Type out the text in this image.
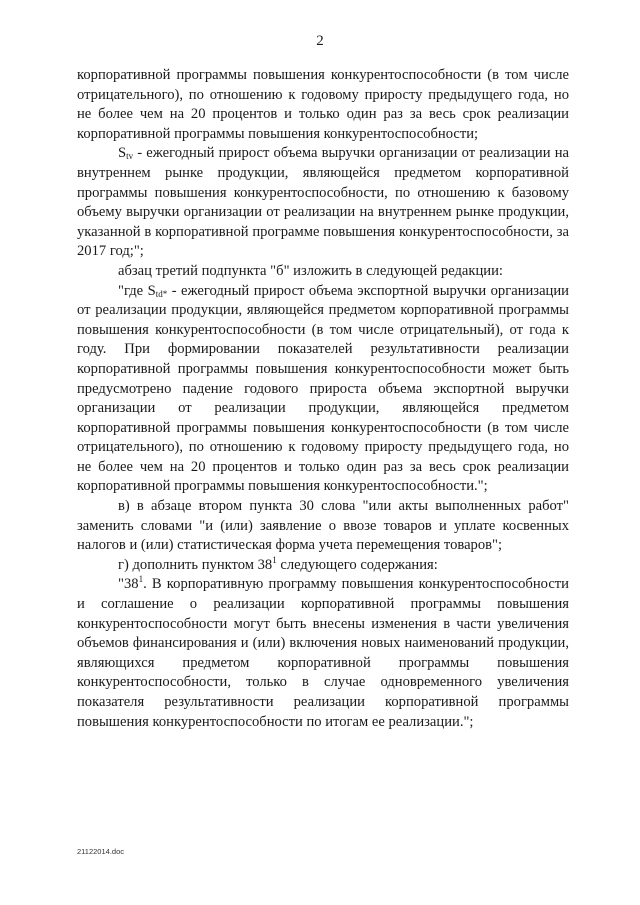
2

корпоративной программы повышения конкурентоспособности (в том числе отрицательного), по отношению к годовому приросту предыдущего года, но не более чем на 20 процентов и только один раз за весь срок реализации корпоративной программы повышения конкурентоспособности;

$S_{tv}$ - ежегодный прирост объема выручки организации от реализации на внутреннем рынке продукции, являющейся предметом корпоративной программы повышения конкурентоспособности, по отношению к базовому объему выручки организации от реализации на внутреннем рынке продукции, указанной в корпоративной программе повышения конкурентоспособности, за 2017 год;";

абзац третий подпункта "б" изложить в следующей редакции:

"где $S_{td*}$ - ежегодный прирост объема экспортной выручки организации от реализации продукции, являющейся предметом корпоративной программы повышения конкурентоспособности (в том числе отрицательный), от года к году. При формировании показателей результативности реализации корпоративной программы повышения конкурентоспособности может быть предусмотрено падение годового прироста объема экспортной выручки организации от реализации продукции, являющейся предметом корпоративной программы повышения конкурентоспособности (в том числе отрицательного), по отношению к годовому приросту предыдущего года, но не более чем на 20 процентов и только один раз за весь срок реализации корпоративной программы повышения конкурентоспособности.";

в) в абзаце втором пункта 30 слова "или акты выполненных работ" заменить словами "и (или) заявление о ввозе товаров и уплате косвенных налогов и (или) статистическая форма учета перемещения товаров";

г) дополнить пунктом $38^1$ следующего содержания:

"$38^1$. В корпоративную программу повышения конкурентоспособности и соглашение о реализации корпоративной программы повышения конкурентоспособности могут быть внесены изменения в части увеличения объемов финансирования и (или) включения новых наименований продукции, являющихся предметом корпоративной программы повышения конкурентоспособности, только в случае одновременного увеличения показателя результативности реализации корпоративной программы повышения конкурентоспособности по итогам ее реализации.";

21122014.doc
